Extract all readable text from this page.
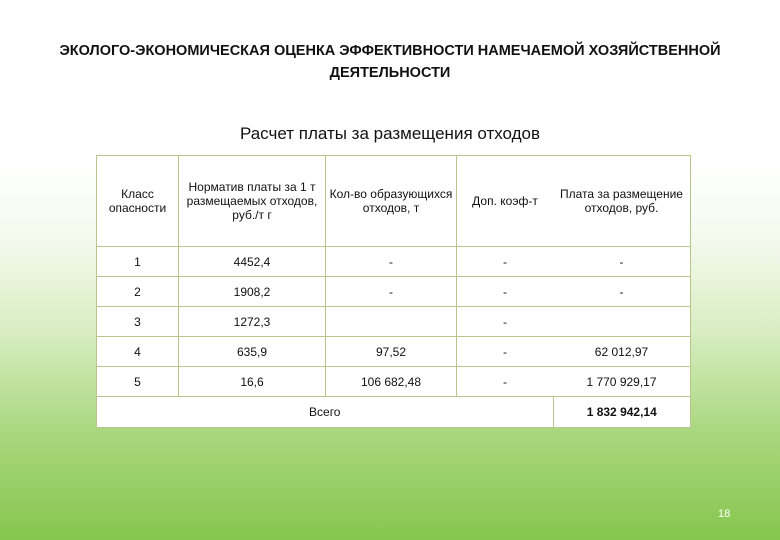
ЭКОЛОГО-ЭКОНОМИЧЕСКАЯ ОЦЕНКА ЭФФЕКТИВНОСТИ НАМЕЧАЕМОЙ ХОЗЯЙСТВЕННОЙ ДЕЯТЕЛЬНОСТИ
Расчет платы за размещения отходов
Класс опасности	Норматив платы за 1 т размещаемых отходов, руб./т г	Кол-во образующихся отходов, т	Доп. коэф-т	Плата за размещение отходов, руб.
1	4452,4	-	-	-
2	1908,2	-	-	-
3	1272,3		-	
4	635,9	97,52	-	62 012,97
5	16,6	106 682,48	-	1 770 929,17
Всего				1 832 942,14
18
